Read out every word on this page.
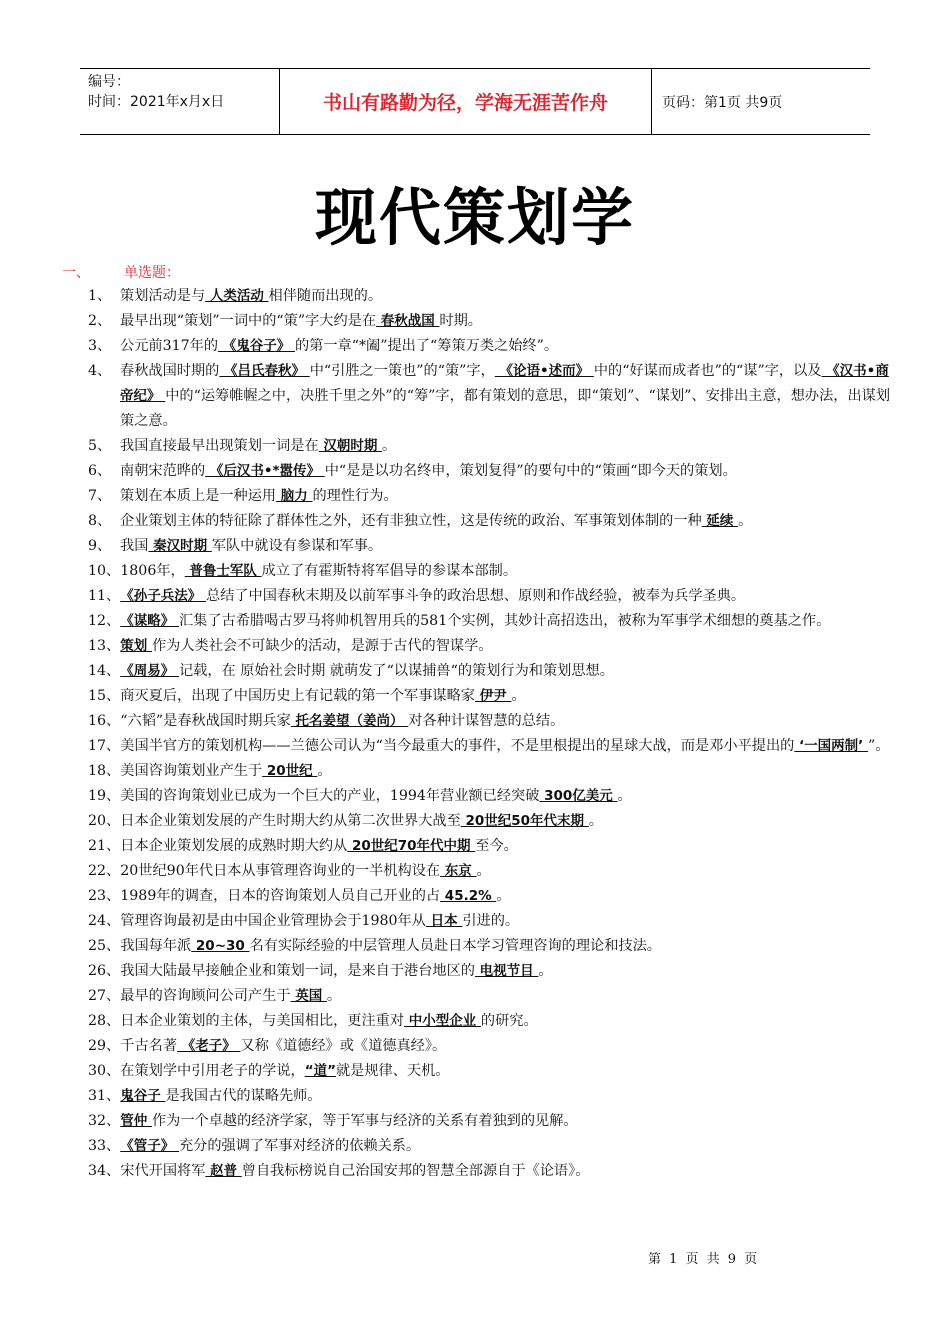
编号：
时间：2021年x月x日	书山有路勤为径，学海无涯苦作舟	页码：第1页 共9页
现代策划学
一、 单选题：
1、 策划活动是与 人类活动 相伴随而出现的。
2、 最早出现“策划”一词中的“策”字大约是在 春秋战国 时期。
3、 公元前317年的 《鬼谷子》 的第一章“*阖”提出了“筹策万类之始终”。
4、 春秋战国时期的 《吕氏春秋》 中“引胜之一策也”的“策”字， 《论语•述而》 中的“好谋而成者也”的“谋”字，以及 《汉书•商帝纪》 中的“运筹帷幄之中，决胜千里之外”的“筹”字，都有策划的意思，即“策划”、“谋划”、安排出主意，想办法，出谋划策之意。
5、 我国直接最早出现策划一词是在 汉朝时期 。
6、 南朝宋范晔的 《后汉书•*嚣传》 中“是是以功名终申，策划复得”的要句中的“策画“即今天的策划。
7、 策划在本质上是一种运用 脑力 的理性行为。
8、 企业策划主体的特征除了群体性之外，还有非独立性，这是传统的政治、军事策划体制的一种 延续 。
9、 我国 秦汉时期 军队中就设有参谋和军事。
10、 1806年， 普鲁士军队 成立了有霍斯特将军倡导的参谋本部制。
11、 《孙子兵法》 总结了中国春秋末期及以前军事斗争的政治思想、原则和作战经验，被奉为兵学圣典。
12、 《谋略》 汇集了古希腊喝古罗马将帅机智用兵的581个实例，其妙计高招迭出，被称为军事学术细想的奠基之作。
13、 策划 作为人类社会不可缺少的活动，是源于古代的智谋学。
14、 《周易》 记载，在 原始社会时期 就萌发了“以谋捕兽“的策划行为和策划思想。
15、 商灭夏后，出现了中国历史上有记载的第一个军事谋略家 伊尹 。
16、 “六韬”是春秋战国时期兵家 托名姜望（姜尚） 对各种计谋智慧的总结。
17、 美国半官方的策划机构——兰德公司认为“当今最重大的事件，不是里根提出的星球大战，而是邓小平提出的 ‘一国两制’ ”。
18、 美国咨询策划业产生于 20世纪 。
19、 美国的咨询策划业已成为一个巨大的产业，1994年营业额已经突破 300亿美元 。
20、 日本企业策划发展的产生时期大约从第二次世界大战至 20世纪50年代末期 。
21、 日本企业策划发展的成熟时期大约从 20世纪70年代中期 至今。
22、 20世纪90年代日本从事管理咨询业的一半机构设在 东京 。
23、 1989年的调查，日本的咨询策划人员自己开业的占 45.2% 。
24、 管理咨询最初是由中国企业管理协会于1980年从 日本 引进的。
25、 我国每年派 20~30 名有实际经验的中层管理人员赴日本学习管理咨询的理论和技法。
26、 我国大陆最早接触企业和策划一词，是来自于港台地区的 电视节目 。
27、 最早的咨询顾问公司产生于 英国 。
28、 日本企业策划的主体，与美国相比，更注重对 中小型企业 的研究。
29、 千古名著 《老子》 又称《道德经》或《道德真经》。
30、 在策划学中引用老子的学说，“道”就是规律、天机。
31、 鬼谷子 是我国古代的谋略先师。
32、 管仲 作为一个卓越的经济学家，等于军事与经济的关系有着独到的见解。
33、 《管子》 充分的强调了军事对经济的依赖关系。
34、 宋代开国将军 赵普 曾自我标榜说自己治国安邦的智慧全部源自于《论语》。
第 1 页 共 9 页
